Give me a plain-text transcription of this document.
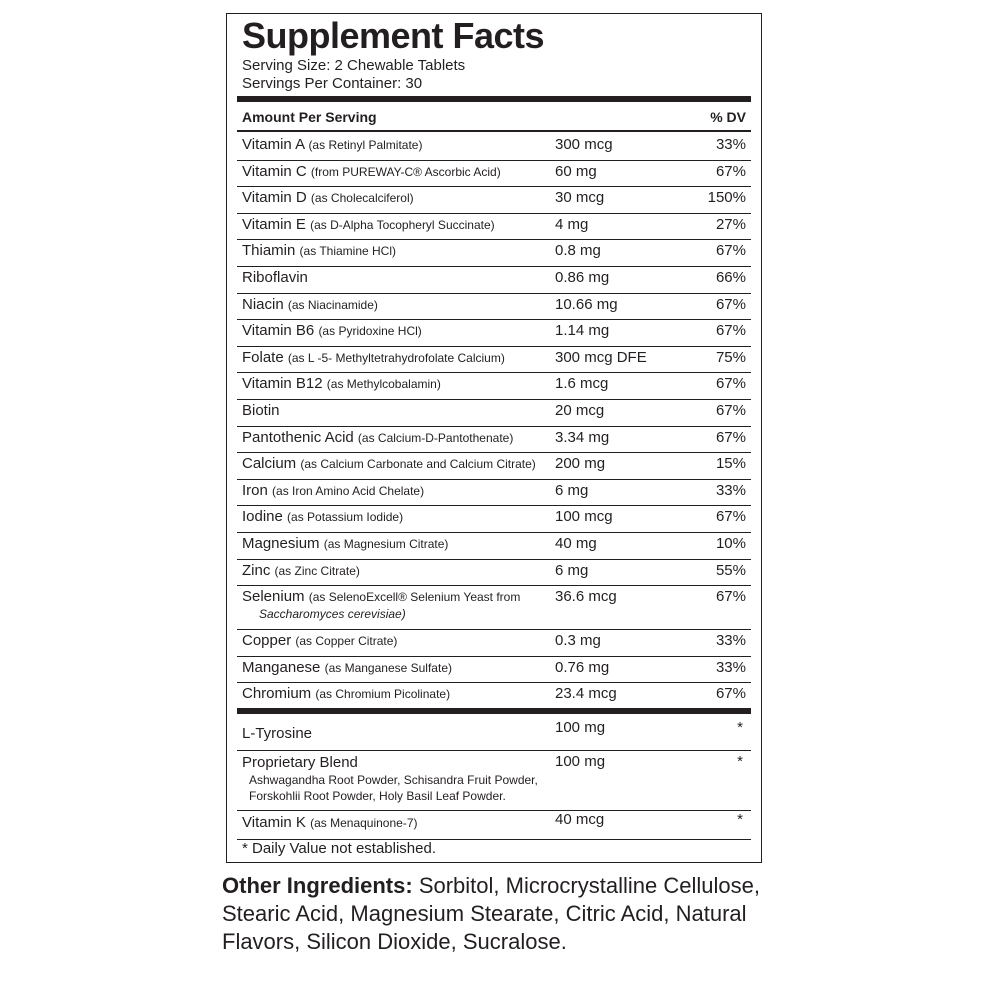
Supplement Facts
Serving Size: 2 Chewable Tablets
Servings Per Container: 30
Amount Per Serving	% DV
Vitamin A (as Retinyl Palmitate)	300 mcg	33%
Vitamin C (from PUREWAY-C® Ascorbic Acid)	60 mg	67%
Vitamin D (as Cholecalciferol)	30 mcg	150%
Vitamin E (as D-Alpha Tocopheryl Succinate)	4 mg	27%
Thiamin (as Thiamine HCl)	0.8 mg	67%
Riboflavin	0.86 mg	66%
Niacin (as Niacinamide)	10.66 mg	67%
Vitamin B6 (as Pyridoxine HCl)	1.14 mg	67%
Folate (as L -5- Methyltetrahydrofolate Calcium)	300 mcg DFE	75%
Vitamin B12 (as Methylcobalamin)	1.6 mcg	67%
Biotin	20 mcg	67%
Pantothenic Acid (as Calcium-D-Pantothenate)	3.34 mg	67%
Calcium (as Calcium Carbonate and Calcium Citrate) 200 mg	15%
Iron (as Iron Amino Acid Chelate)	6 mg	33%
Iodine (as Potassium Iodide)	100 mcg	67%
Magnesium (as Magnesium Citrate)	40 mg	10%
Zinc (as Zinc Citrate)	6 mg	55%
Selenium (as SelenoExcell® Selenium Yeast from
Saccharomyces cerevisiae)
36.6 mcg	67%
Copper (as Copper Citrate)	0.3 mg	33%
Manganese (as Manganese Sulfate)	0.76 mg	33%
Chromium (as Chromium Picolinate)	23.4 mcg	67%
L-Tyrosine	100 mg	*
Proprietary Blend
Ashwagandha Root Powder, Schisandra Fruit Powder, Forskohlii Root Powder, Holy Basil Leaf Powder.
100 mg	*
Vitamin K (as Menaquinone-7)	40 mcg	*
* Daily Value not established.
Other Ingredients: Sorbitol, Microcrystalline Cellulose, Stearic Acid, Magnesium Stearate, Citric Acid, Natural Flavors, Silicon Dioxide, Sucralose.
